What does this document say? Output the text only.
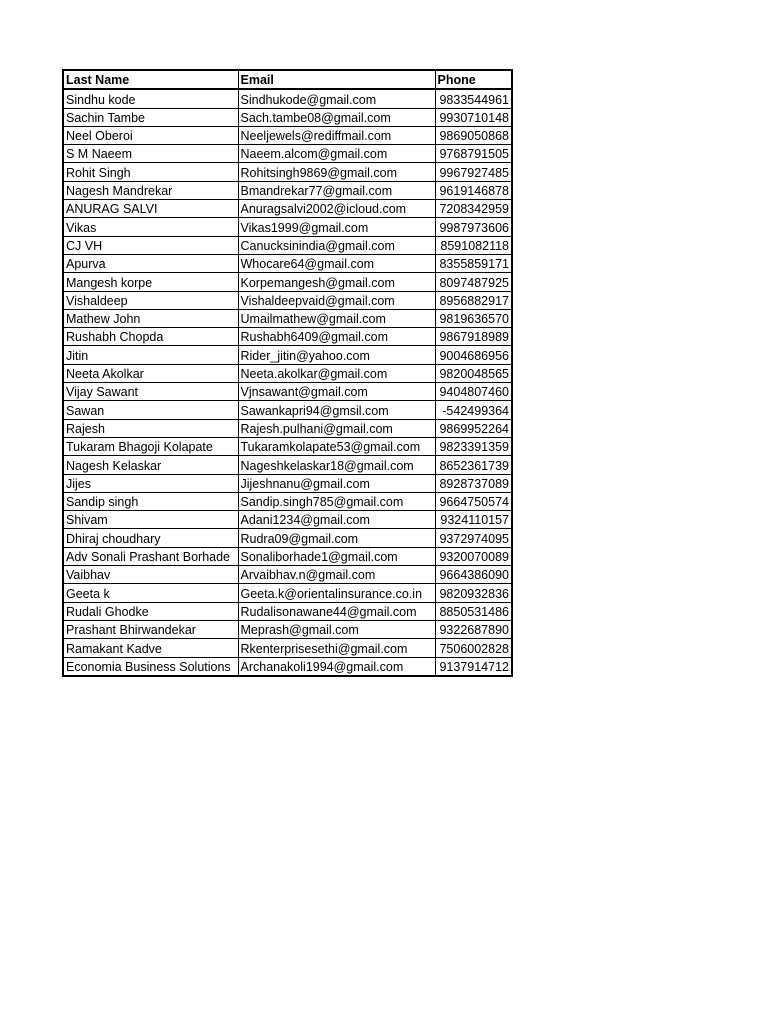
Last Name	Email	Phone
Sindhu kode	Sindhukode@gmail.com	9833544961
Sachin Tambe	Sach.tambe08@gmail.com	9930710148
Neel Oberoi	Neeljewels@rediffmail.com	9869050868
S M Naeem	Naeem.alcom@gmail.com	9768791505
Rohit Singh	Rohitsingh9869@gmail.com	9967927485
Nagesh Mandrekar	Bmandrekar77@gmail.com	9619146878
ANURAG SALVI	Anuragsalvi2002@icloud.com	7208342959
Vikas	Vikas1999@gmail.com	9987973606
CJ VH	Canucksinindia@gmail.com	8591082118
Apurva	Whocare64@gmail.com	8355859171
Mangesh korpe	Korpemangesh@gmail.com	8097487925
Vishaldeep	Vishaldeepvaid@gmail.com	8956882917
Mathew John	Umailmathew@gmail.com	9819636570
Rushabh Chopda	Rushabh6409@gmail.com	9867918989
Jitin	Rider_jitin@yahoo.com	9004686956
Neeta Akolkar	Neeta.akolkar@gmail.com	9820048565
Vijay Sawant	Vjnsawant@gmail.com	9404807460
Sawan	Sawankapri94@gmsil.com	-542499364
Rajesh	Rajesh.pulhani@gmail.com	9869952264
Tukaram Bhagoji Kolapate	Tukaramkolapate53@gmail.com	9823391359
Nagesh Kelaskar	Nageshkelaskar18@gmail.com	8652361739
Jijes	Jijeshnanu@gmail.com	8928737089
Sandip singh	Sandip.singh785@gmail.com	9664750574
Shivam	Adani1234@gmail.com	9324110157
Dhiraj choudhary	Rudra09@gmail.com	9372974095
Adv Sonali Prashant Borhade	Sonaliborhade1@gmail.com	9320070089
Vaibhav	Arvaibhav.n@gmail.com	9664386090
Geeta k	Geeta.k@orientalinsurance.co.in	9820932836
Rudali Ghodke	Rudalisonawane44@gmail.com	8850531486
Prashant Bhirwandekar	Meprash@gmail.com	9322687890
Ramakant Kadve	Rkenterprisesethi@gmail.com	7506002828
Economia Business Solutions	Archanakoli1994@gmail.com	9137914712
